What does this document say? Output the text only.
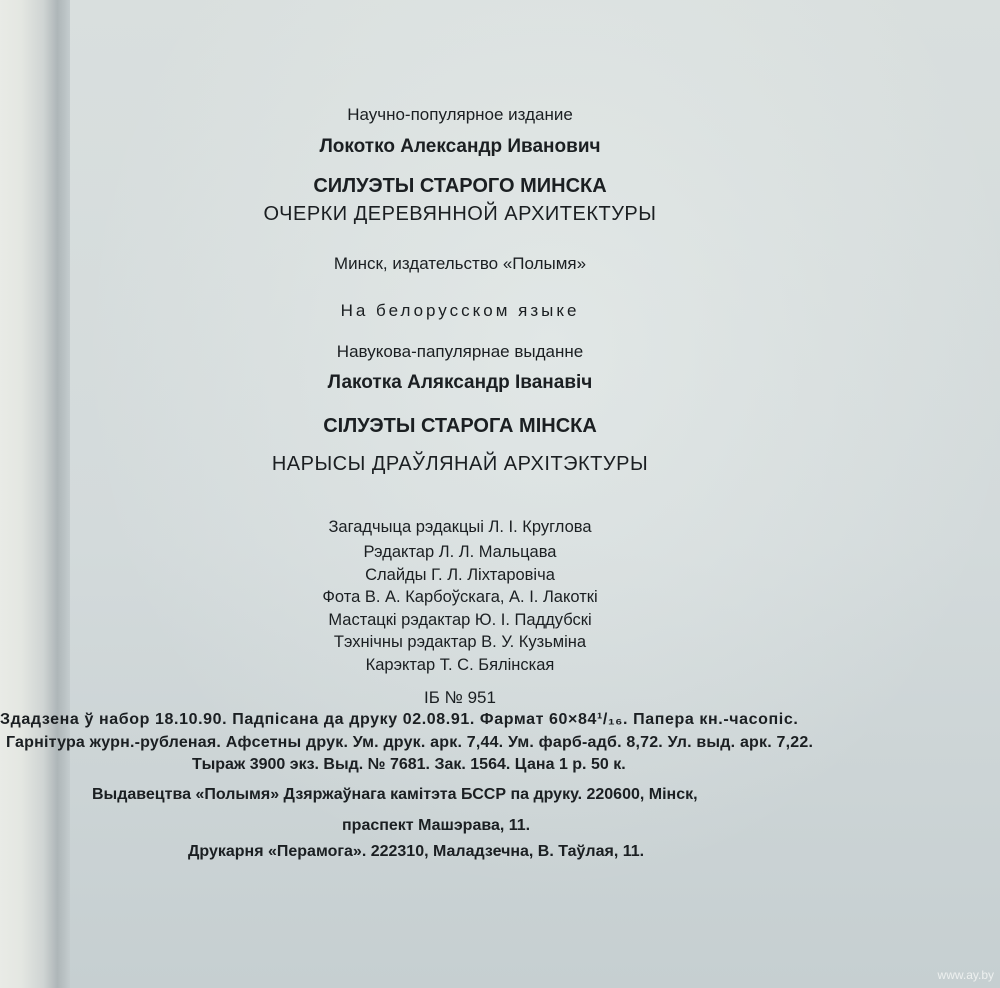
Научно-популярное издание
Локотко Александр Иванович
СИЛУЭТЫ СТАРОГО МИНСКА
ОЧЕРКИ ДЕРЕВЯННОЙ АРХИТЕКТУРЫ
Минск, издательство «Полымя»
На белорусском языке
Навукова-папулярнае выданне
Лакотка Аляксандр Іванавіч
СІЛУЭТЫ СТАРОГА МІНСКА
НАРЫСЫ ДРАЎЛЯНАЙ АРХІТЭКТУРЫ
Загадчыца рэдакцыі Л. І. Круглова
Рэдактар Л. Л. Мальцава
Слайды Г. Л. Ліхтаровіча
Фота В. А. Карбоўскага, А. І. Лакоткі
Мастацкі рэдактар Ю. І. Паддубскі
Тэхнічны рэдактар В. У. Кузьміна
Карэктар Т. С. Бялінская
ІБ № 951
Здадзена ў набор 18.10.90. Падпісана да друку 02.08.91. Фармат 60×84¹/₁₆. Папера кн.-часопіс.
Гарнітура журн.-рубленая. Афсетны друк. Ум. друк. арк. 7,44. Ум. фарб-адб. 8,72. Ул. выд. арк. 7,22.
Тыраж 3900 экз. Выд. № 7681. Зак. 1564. Цана 1 р. 50 к.
Выдавецтва «Полымя» Дзяржаўнага камітэта БССР па друку. 220600, Мінск,
праспект Машэрава, 11.
Друкарня «Перамога». 222310, Маладзечна, В. Таўлая, 11.
www.ay.by
